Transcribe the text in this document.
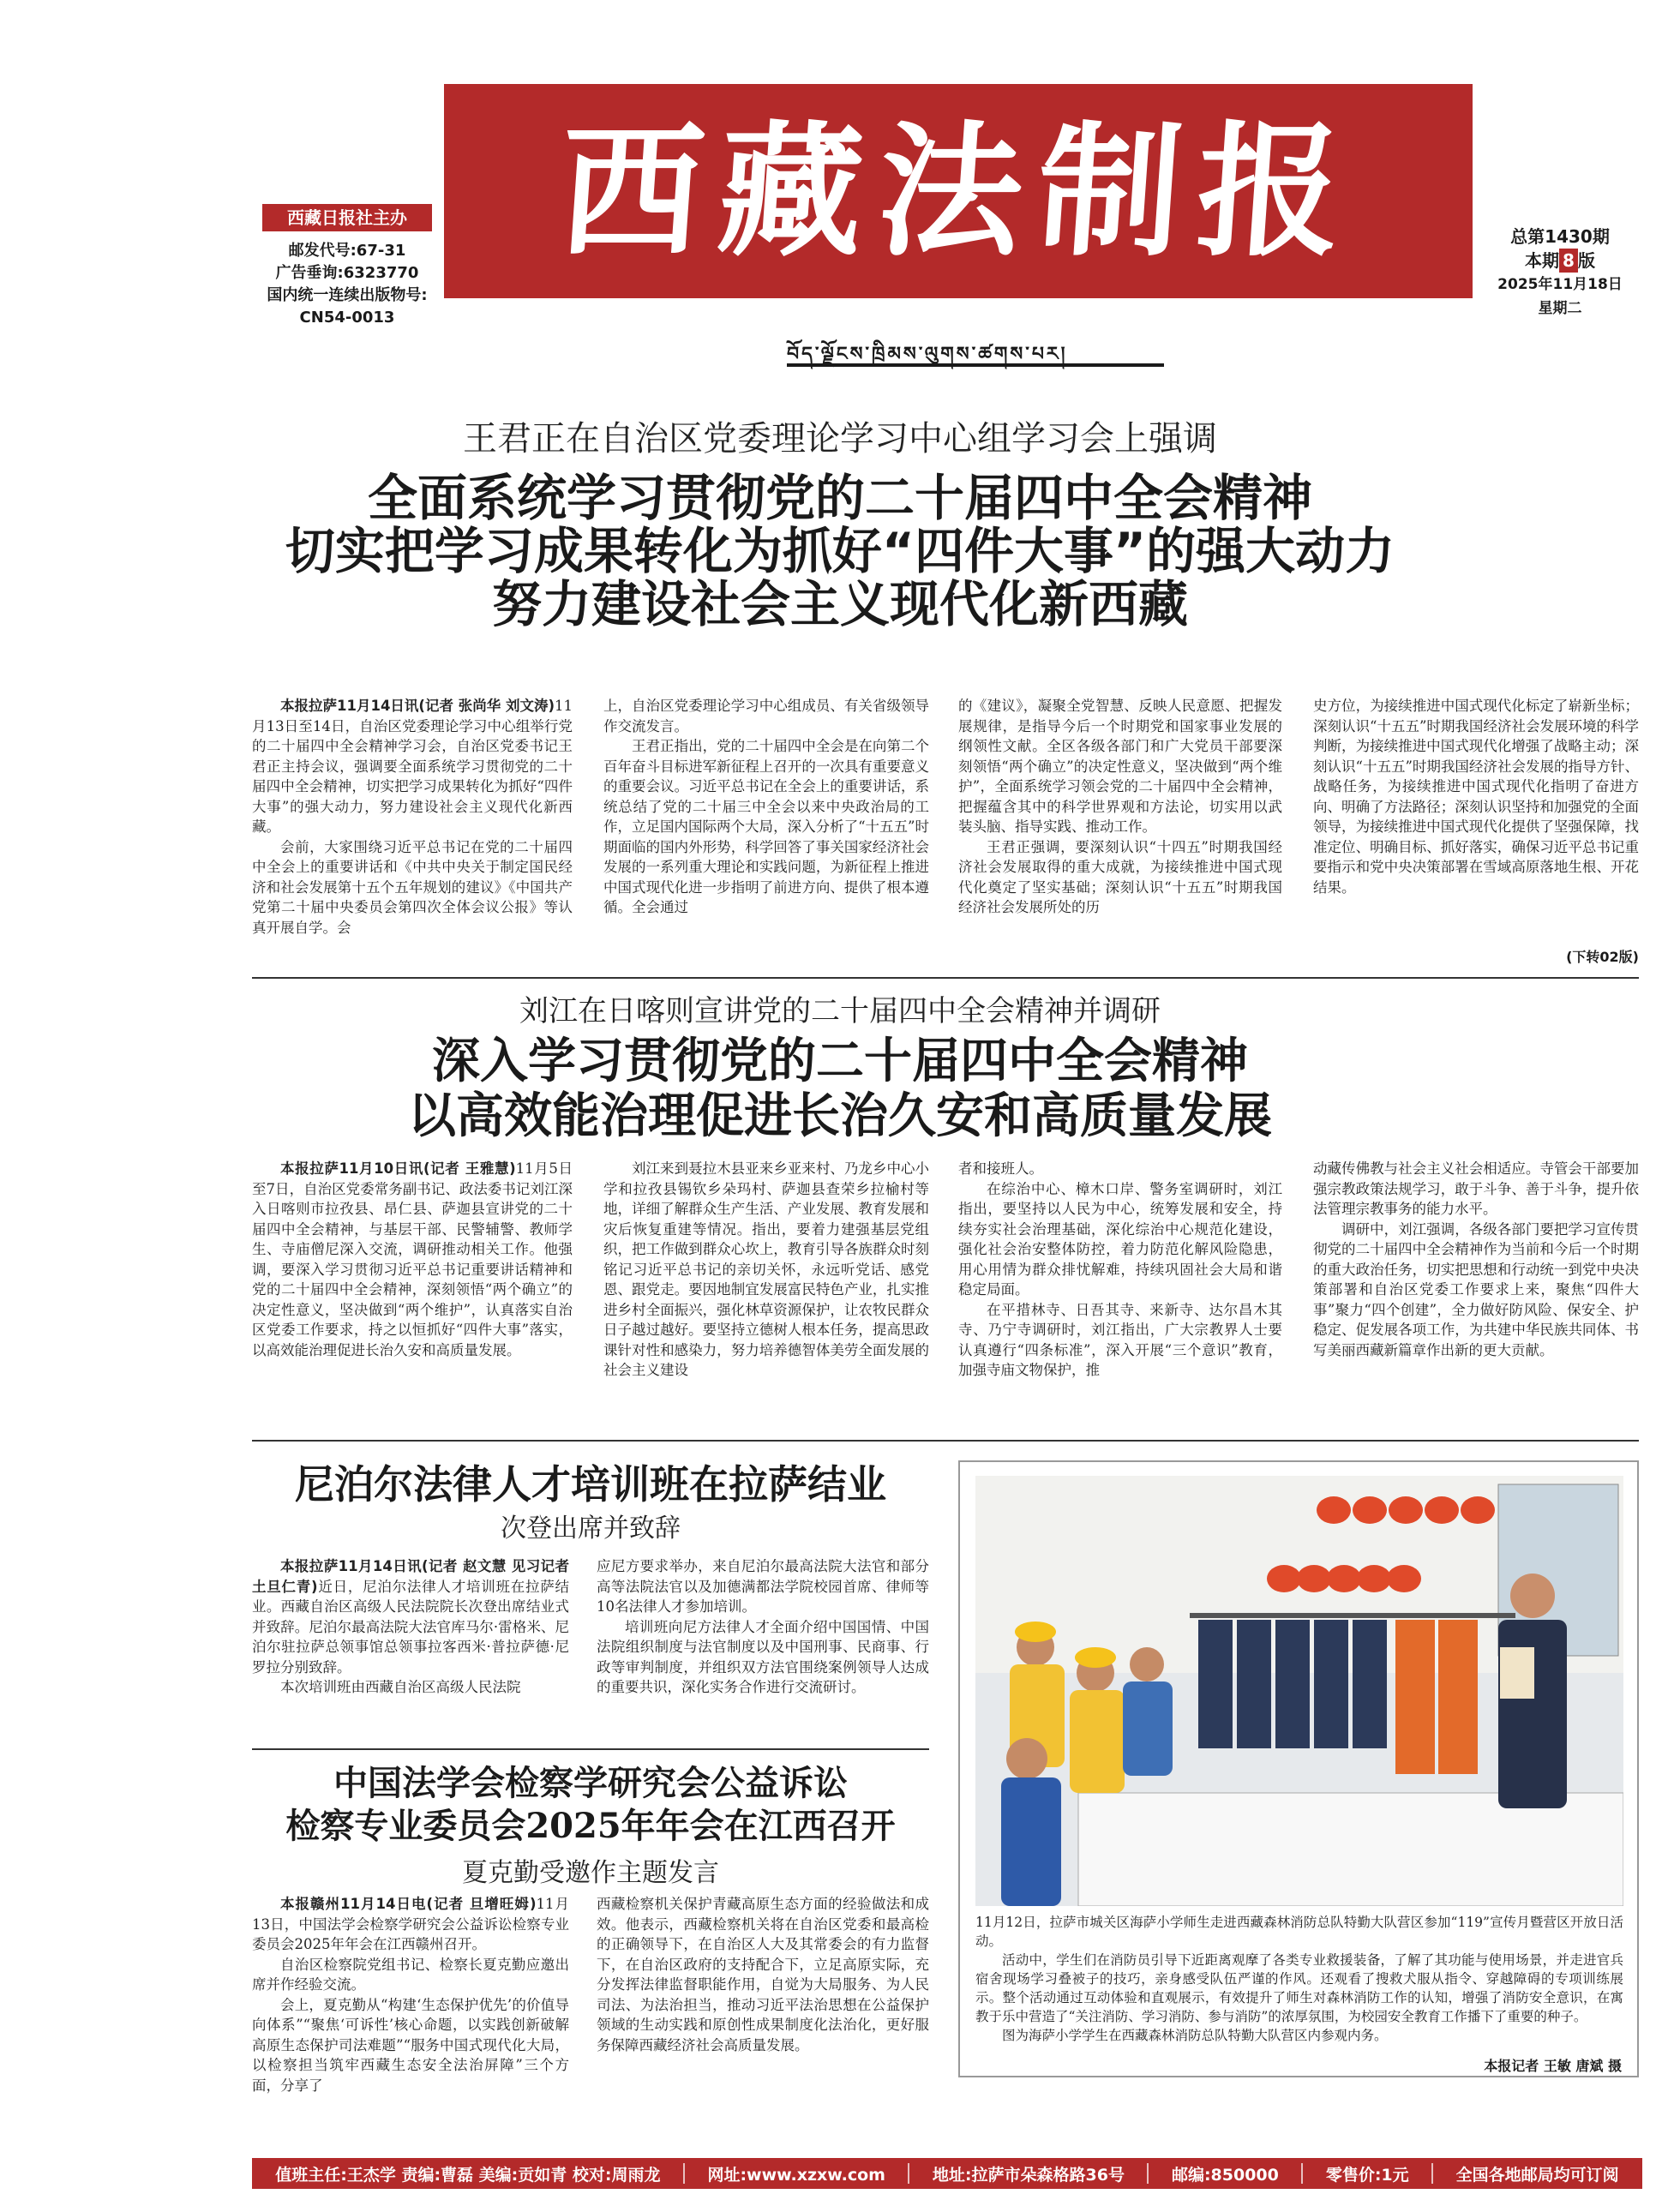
西藏法制报
བོད་ལྗོངས་ཁྲིམས་ལུགས་ཚགས་པར།
西藏日报社主办
邮发代号:67-31
广告垂询:6323770
国内统一连续出版物号:
CN54-0013
总第1430期
本期 8 版
2025年11月18日
星期二
王君正在自治区党委理论学习中心组学习会上强调
全面系统学习贯彻党的二十届四中全会精神
切实把学习成果转化为抓好“四件大事”的强大动力
努力建设社会主义现代化新西藏

本报拉萨11月14日讯(记者 张尚华 刘文涛)11月13日至14日，自治区党委理论学习中心组举行党的二十届四中全会精神学习会，自治区党委书记王君正主持会议，强调要全面系统学习贯彻党的二十届四中全会精神，切实把学习成果转化为抓好“四件大事”的强大动力，努力建设社会主义现代化新西藏。

会前，大家围绕习近平总书记在党的二十届四中全会上的重要讲话和《中共中央关于制定国民经济和社会发展第十五个五年规划的建议》《中国共产党第二十届中央委员会第四次全体会议公报》等认真开展自学。会

上，自治区党委理论学习中心组成员、有关省级领导作交流发言。

王君正指出，党的二十届四中全会是在向第二个百年奋斗目标进军新征程上召开的一次具有重要意义的重要会议。习近平总书记在全会上的重要讲话，系统总结了党的二十届三中全会以来中央政治局的工作，立足国内国际两个大局，深入分析了“十五五”时期面临的国内外形势，科学回答了事关国家经济社会发展的一系列重大理论和实践问题，为新征程上推进中国式现代化进一步指明了前进方向、提供了根本遵循。全会通过

的《建议》，凝聚全党智慧、反映人民意愿、把握发展规律，是指导今后一个时期党和国家事业发展的纲领性文献。全区各级各部门和广大党员干部要深刻领悟“两个确立”的决定性意义，坚决做到“两个维护”，全面系统学习领会党的二十届四中全会精神，把握蕴含其中的科学世界观和方法论，切实用以武装头脑、指导实践、推动工作。

王君正强调，要深刻认识“十四五”时期我国经济社会发展取得的重大成就，为接续推进中国式现代化奠定了坚实基础；深刻认识“十五五”时期我国经济社会发展所处的历

史方位，为接续推进中国式现代化标定了崭新坐标；深刻认识“十五五”时期我国经济社会发展环境的科学判断，为接续推进中国式现代化增强了战略主动；深刻认识“十五五”时期我国经济社会发展的指导方针、战略任务，为接续推进中国式现代化指明了奋进方向、明确了方法路径；深刻认识坚持和加强党的全面领导，为接续推进中国式现代化提供了坚强保障，找准定位、明确目标、抓好落实，确保习近平总书记重要指示和党中央决策部署在雪域高原落地生根、开花结果。

(下转02版)
刘江在日喀则宣讲党的二十届四中全会精神并调研
深入学习贯彻党的二十届四中全会精神
以高效能治理促进长治久安和高质量发展

本报拉萨11月10日讯(记者 王雅慧)11月5日至7日，自治区党委常务副书记、政法委书记刘江深入日喀则市拉孜县、昂仁县、萨迦县宣讲党的二十届四中全会精神，与基层干部、民警辅警、教师学生、寺庙僧尼深入交流，调研推动相关工作。他强调，要深入学习贯彻习近平总书记重要讲话精神和党的二十届四中全会精神，深刻领悟“两个确立”的决定性意义，坚决做到“两个维护”，认真落实自治区党委工作要求，持之以恒抓好“四件大事”落实，以高效能治理促进长治久安和高质量发展。

刘江来到聂拉木县亚来乡亚来村、乃龙乡中心小学和拉孜县锡钦乡朵玛村、萨迦县查荣乡拉榆村等地，详细了解群众生产生活、产业发展、教育发展和灾后恢复重建等情况。指出，要着力建强基层党组织，把工作做到群众心坎上，教育引导各族群众时刻铭记习近平总书记的亲切关怀，永远听党话、感党恩、跟党走。要因地制宜发展富民特色产业，扎实推进乡村全面振兴，强化林草资源保护，让农牧民群众日子越过越好。要坚持立德树人根本任务，提高思政课针对性和感染力，努力培养德智体美劳全面发展的社会主义建设

者和接班人。

在综治中心、樟木口岸、警务室调研时，刘江指出，要坚持以人民为中心，统筹发展和安全，持续夯实社会治理基础，深化综治中心规范化建设，强化社会治安整体防控，着力防范化解风险隐患，用心用情为群众排忧解难，持续巩固社会大局和谐稳定局面。

在平措林寺、日吾其寺、来新寺、达尔昌木其寺、乃宁寺调研时，刘江指出，广大宗教界人士要认真遵行“四条标准”，深入开展“三个意识”教育，加强寺庙文物保护，推

动藏传佛教与社会主义社会相适应。寺管会干部要加强宗教政策法规学习，敢于斗争、善于斗争，提升依法管理宗教事务的能力水平。

调研中，刘江强调，各级各部门要把学习宣传贯彻党的二十届四中全会精神作为当前和今后一个时期的重大政治任务，切实把思想和行动统一到党中央决策部署和自治区党委工作要求上来，聚焦“四件大事”聚力“四个创建”，全力做好防风险、保安全、护稳定、促发展各项工作，为共建中华民族共同体、书写美丽西藏新篇章作出新的更大贡献。

尼泊尔法律人才培训班在拉萨结业
次登出席并致辞

本报拉萨11月14日讯(记者 赵文慧 见习记者 土旦仁青)近日，尼泊尔法律人才培训班在拉萨结业。西藏自治区高级人民法院院长次登出席结业式并致辞。尼泊尔最高法院大法官库马尔·雷格米、尼泊尔驻拉萨总领事馆总领事拉客西米·普拉萨德·尼罗拉分别致辞。

本次培训班由西藏自治区高级人民法院

应尼方要求举办，来自尼泊尔最高法院大法官和部分高等法院法官以及加德满都法学院校园首席、律师等10名法律人才参加培训。

培训班向尼方法律人才全面介绍中国国情、中国法院组织制度与法官制度以及中国刑事、民商事、行政等审判制度，并组织双方法官围绕案例领导人达成的重要共识，深化实务合作进行交流研讨。

中国法学会检察学研究会公益诉讼
检察专业委员会2025年年会在江西召开
夏克勤受邀作主题发言

本报赣州11月14日电(记者 旦增旺姆)11月13日，中国法学会检察学研究会公益诉讼检察专业委员会2025年年会在江西赣州召开。

自治区检察院党组书记、检察长夏克勤应邀出席并作经验交流。

会上，夏克勤从“构建‘生态保护优先’的价值导向体系”“聚焦‘可诉性’核心命题，以实践创新破解高原生态保护司法难题”“服务中国式现代化大局，以检察担当筑牢西藏生态安全法治屏障”三个方面，分享了

西藏检察机关保护青藏高原生态方面的经验做法和成效。他表示，西藏检察机关将在自治区党委和最高检的正确领导下，在自治区人大及其常委会的有力监督下，在自治区政府的支持配合下，立足高原实际，充分发挥法律监督职能作用，自觉为大局服务、为人民司法、为法治担当，推动习近平法治思想在公益保护领域的生动实践和原创性成果制度化法治化，更好服务保障西藏经济社会高质量发展。

11月12日，拉萨市城关区海萨小学师生走进西藏森林消防总队特勤大队营区参加“119”宣传月暨营区开放日活动。

活动中，学生们在消防员引导下近距离观摩了各类专业救援装备，了解了其功能与使用场景，并走进官兵宿舍现场学习叠被子的技巧，亲身感受队伍严谨的作风。还观看了搜救犬服从指令、穿越障碍的专项训练展示。整个活动通过互动体验和直观展示，有效提升了师生对森林消防工作的认知，增强了消防安全意识，在寓教于乐中营造了“关注消防、学习消防、参与消防”的浓厚氛围，为校园安全教育工作播下了重要的种子。

图为海萨小学学生在西藏森林消防总队特勤大队营区内参观内务。

本报记者 王敏 唐斌 摄
值班主任:王杰学 责编:曹磊 美编:贡如青 校对:周雨龙	网址:www.xzxw.com	地址:拉萨市朵森格路36号	邮编:850000	零售价:1元	全国各地邮局均可订阅
